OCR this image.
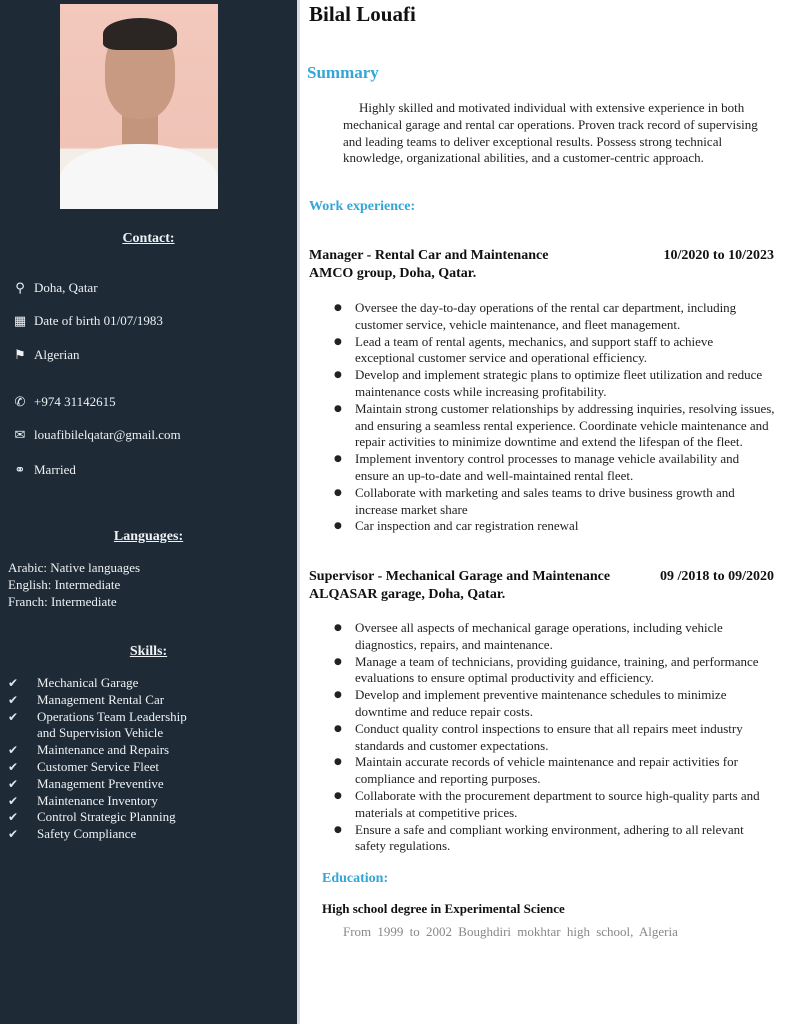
Contact:
⚲ Doha, Qatar
▦ Date of birth 01/07/1983
⚑ Algerian
✆ +974 31142615
✉ louafibilelqatar@gmail.com
⚭ Married
Languages:
Arabic: Native languages
English: Intermediate
Franch: Intermediate
Skills:
✔	Mechanical Garage
✔	Management Rental Car
✔	Operations Team Leadership
and Supervision Vehicle
✔	Maintenance and Repairs
✔	Customer Service Fleet
✔	Management Preventive
✔	Maintenance Inventory
✔	Control Strategic Planning
✔	Safety Compliance
Bilal Louafi
Summary

Highly skilled and motivated individual with extensive experience in both mechanical garage and rental car operations. Proven track record of supervising and leading teams to deliver exceptional results. Possess strong technical knowledge, organizational abilities, and a customer-centric approach.

Work experience:
Manager - Rental Car and Maintenance	10/2020 to 10/2023
AMCO group, Doha, Qatar.
●	Oversee the day-to-day operations of the rental car department, including customer service, vehicle maintenance, and fleet management.
●	Lead a team of rental agents, mechanics, and support staff to achieve exceptional customer service and operational efficiency.
●	Develop and implement strategic plans to optimize fleet utilization and reduce maintenance costs while increasing profitability.
●	Maintain strong customer relationships by addressing inquiries, resolving issues, and ensuring a seamless rental experience. Coordinate vehicle maintenance and repair activities to minimize downtime and extend the lifespan of the fleet.
●	Implement inventory control processes to manage vehicle availability and ensure an up-to-date and well-maintained rental fleet.
●	Collaborate with marketing and sales teams to drive business growth and increase market share
●	Car inspection and car registration renewal
Supervisor - Mechanical Garage and Maintenance	09 /2018 to 09/2020
ALQASAR garage, Doha, Qatar.
●	Oversee all aspects of mechanical garage operations, including vehicle diagnostics, repairs, and maintenance.
●	Manage a team of technicians, providing guidance, training, and performance evaluations to ensure optimal productivity and efficiency.
●	Develop and implement preventive maintenance schedules to minimize downtime and reduce repair costs.
●	Conduct quality control inspections to ensure that all repairs meet industry standards and customer expectations.
●	Maintain accurate records of vehicle maintenance and repair activities for compliance and reporting purposes.
●	Collaborate with the procurement department to source high-quality parts and materials at competitive prices.
●	Ensure a safe and compliant working environment, adhering to all relevant safety regulations.
Education:
High school degree in Experimental Science
From 1999 to 2002 Boughdiri mokhtar high school, Algeria
